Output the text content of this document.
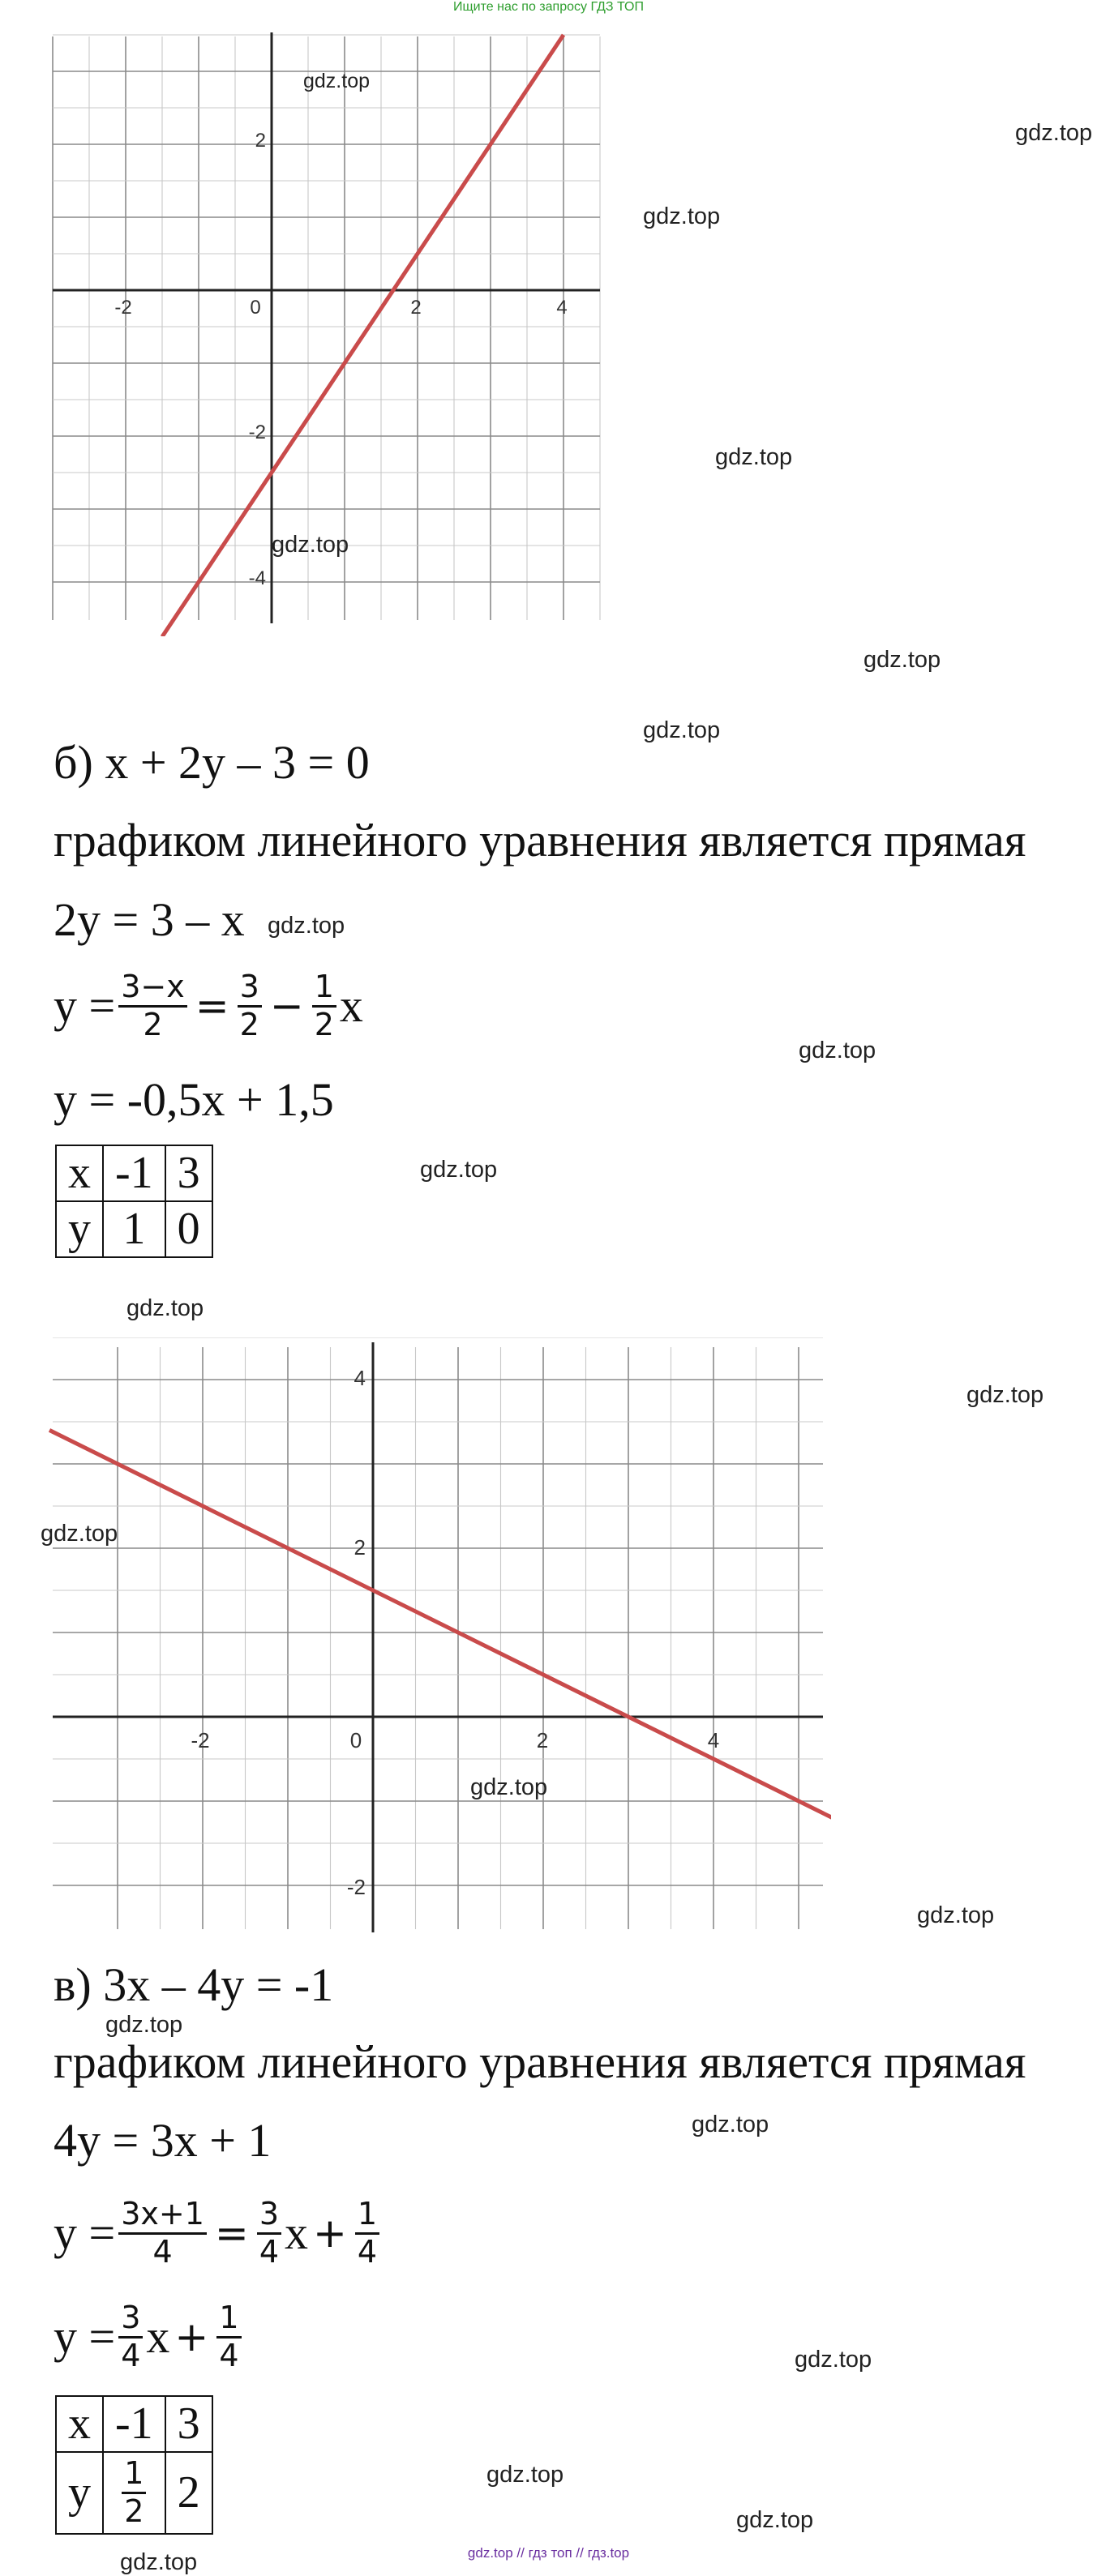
Ищите нас по запросу ГДЗ ТОП
-2	0	2	4
2
-2
-4
gdz.top
gdz.top
gdz.top
gdz.top
gdz.top
gdz.top
gdz.top
б) x + 2y – 3 = 0
графиком линейного уравнения является прямая
2y = 3 – x gdz.top
$y = \frac{3-x}{2} = \frac{3}{2} - \frac{1}{2}$ x
gdz.top
y = -0,5x + 1,5
x	-1	3
y	1	0
gdz.top
gdz.top
-2	0	2	4
4
2
-2
gdz.top
gdz.top
gdz.top
gdz.top
в) 3x – 4y = -1
gdz.top
графиком линейного уравнения является прямая
4y = 3x + 1	gdz.top
$y = \frac{3x+1}{4} = \frac{3}{4}$ $x + \frac{1}{4}$
$y = \frac{3}{4}$ $x + \frac{1}{4}$	gdz.top
x	-1	3
y	$\frac{1}{2}$	2	gdz.top
gdz.top
gdz.top	gdz.top // гдз топ // гдз.top
